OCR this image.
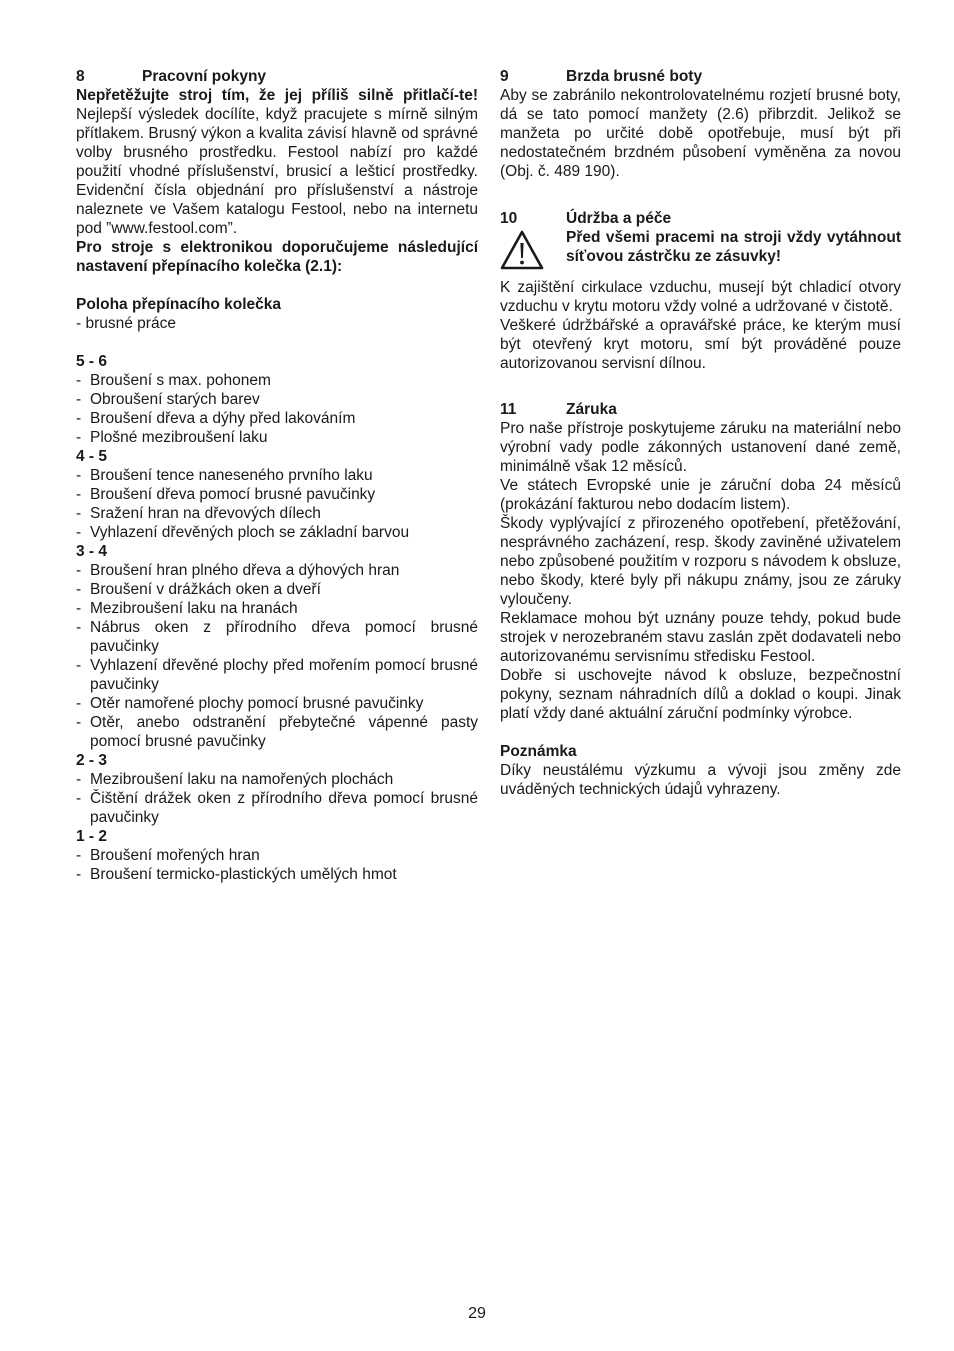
8	Pracovní pokyny

Nepřetěžujte stroj tím, že jej příliš silně přitlačí-te! Nejlepší výsledek docílíte, když pracujete s mírně silným přítlakem. Brusný výkon a kvalita závisí hlavně od správné volby brusného prostředku. Festool nabízí pro každé použití vhodné příslušenství, brusicí a lešticí prostředky. Evidenční čísla objednání pro příslušenství a nástroje naleznete ve Vašem katalogu Festool, nebo na internetu pod ”www.festool.com”.

Pro stroje s elektronikou doporučujeme následující nastavení přepínacího kolečka (2.1):

Poloha přepínacího kolečka

- brusné práce

5 - 6

- Broušení s max. pohonem
- Obroušení starých barev
- Broušení dřeva a dýhy před lakováním
- Plošné mezibroušení laku

4 - 5

- Broušení tence naneseného prvního laku
- Broušení dřeva pomocí brusné pavučinky
- Sražení hran na dřevových dílech
- Vyhlazení dřevěných ploch se základní barvou

3 - 4

- Broušení hran plného dřeva a dýhových hran
- Broušení v drážkách oken a dveří
- Mezibroušení laku na hranách
- Nábrus oken z přírodního dřeva pomocí brusné pavučinky
- Vyhlazení dřevěné plochy před mořením pomocí brusné pavučinky
- Otěr namořené plochy pomocí brusné pavučinky
- Otěr, anebo odstranění přebytečné vápenné pasty pomocí brusné pavučinky

2 - 3

- Mezibroušení laku na namořených plochách
- Čištění drážek oken z přírodního dřeva pomocí brusné pavučinky

1 - 2

- Broušení mořených hran
- Broušení termicko-plastických umělých hmot
9	Brzda brusné boty

Aby se zabránilo nekontrolovatelnému rozjetí brusné boty, dá se tato pomocí manžety (2.6) přibrzdit. Jelikož se manžeta po určité době opotřebuje, musí být při nedostatečném brzdném působení vyměněna za novou (Obj. č. 489 190).

10	Údržba a péče

Před všemi pracemi na stroji vždy vytáhnout síťovou zástrčku ze zásuvky!

K zajištění cirkulace vzduchu, musejí být chladicí otvory vzduchu v krytu motoru vždy volné a udržované v čistotě.

Veškeré údržbářské a opravářské práce, ke kterým musí být otevřený kryt motoru, smí být prováděné pouze autorizovanou servisní dílnou.

11	Záruka

Pro naše přístroje poskytujeme záruku na materiální nebo výrobní vady podle zákonných ustanovení dané země, minimálně však 12 měsíců.

Ve státech Evropské unie je záruční doba 24 měsíců (prokázání fakturou nebo dodacím listem).

Škody vyplývající z přirozeného opotřebení, přetěžování, nesprávného zacházení, resp. škody zaviněné uživatelem nebo způsobené použitím v rozporu s návodem k obsluze, nebo škody, které byly při nákupu známy, jsou ze záruky vyloučeny.

Reklamace mohou být uznány pouze tehdy, pokud bude strojek v nerozebraném stavu zaslán zpět dodavateli nebo autorizovanému servisnímu středisku Festool.

Dobře si uschovejte návod k obsluze, bezpečnostní pokyny, seznam náhradních dílů a doklad o koupi. Jinak platí vždy dané aktuální záruční podmínky výrobce.

Poznámka

Díky neustálému výzkumu a vývoji jsou změny zde uváděných technických údajů vyhrazeny.

29
